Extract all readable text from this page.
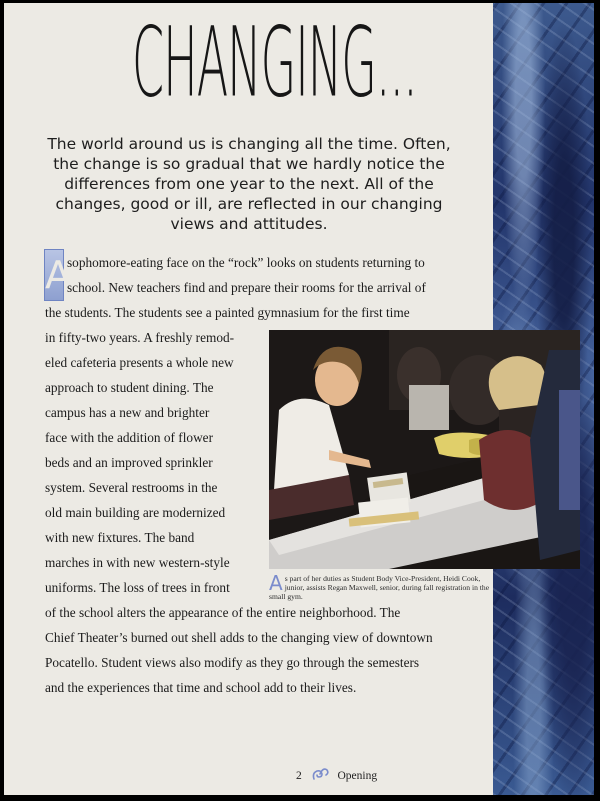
CHANGING...

The world around us is changing all the time. Often, the change is so gradual that we hardly notice the differences from one year to the next. All of the changes, good or ill, are reflected in our changing views and attitudes.

A

sophomore-eating face on the “rock” looks on students returning to

school. New teachers find and prepare their rooms for the arrival of

the students. The students see a painted gymnasium for the first time

in fifty-two years. A freshly remod-

eled cafeteria presents a whole new

approach to student dining. The

campus has a new and brighter

face with the addition of flower

beds and an improved sprinkler

system. Several restrooms in the

old main building are modernized

with new fixtures. The band

marches in with new western-style

uniforms. The loss of trees in front

of the school alters the appearance of the entire neighborhood. The

Chief Theater’s burned out shell adds to the changing view of downtown

Pocatello. Student views also modify as they go through the semesters

and the experiences that time and school add to their lives.

As part of her duties as Student Body Vice-President, Heidi Cook, junior, assists Regan Maxwell, senior, during fall registration in the small gym.

2	Opening
